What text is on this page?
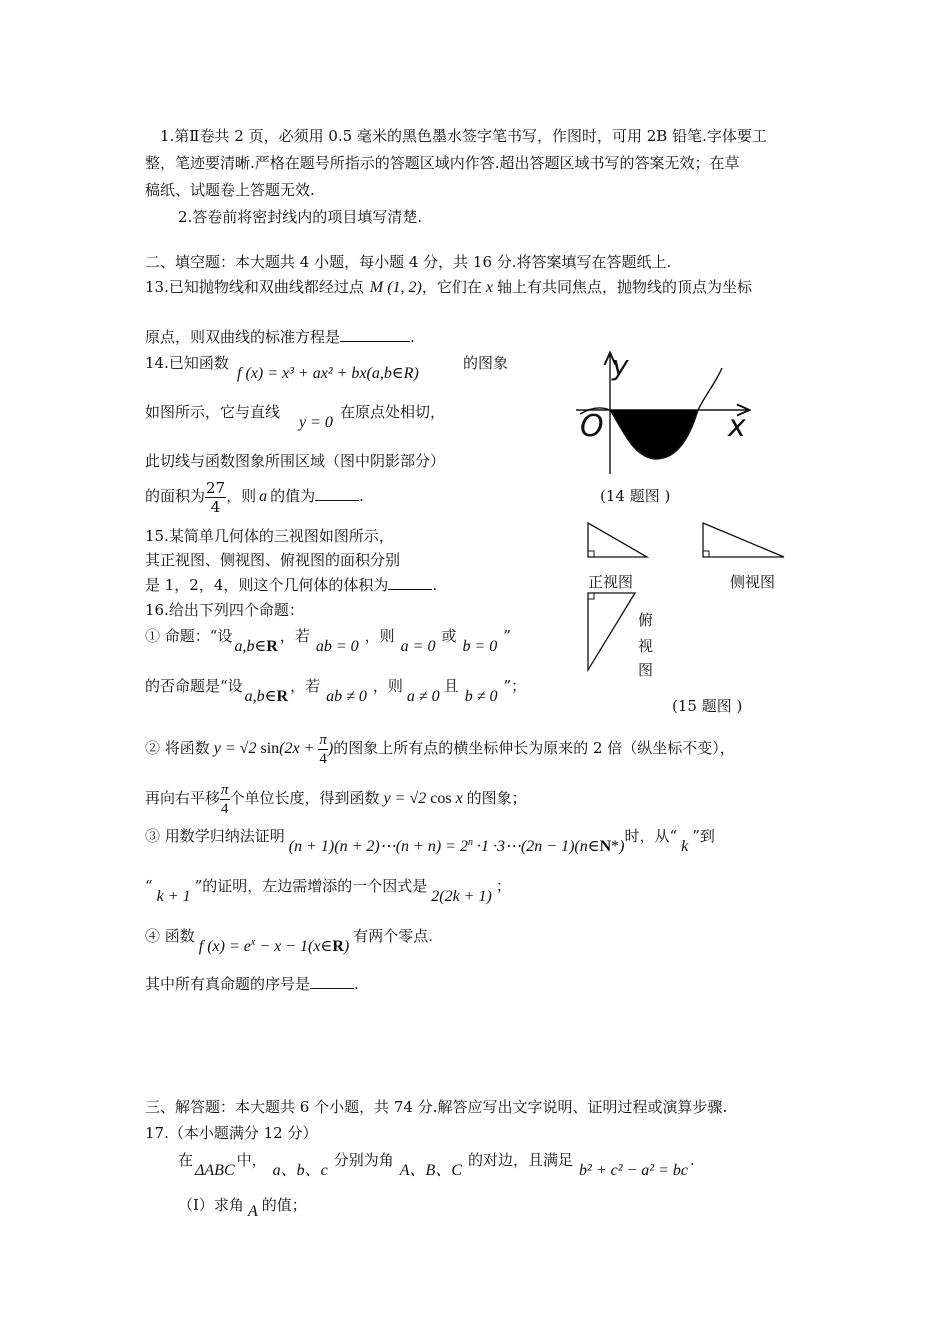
1.第Ⅱ卷共 2 页，必须用 0.5 毫米的黑色墨水签字笔书写，作图时，可用 2B 铅笔.字体要工
整，笔迹要清晰.严格在题号所指示的答题区域内作答.超出答题区域书写的答案无效；在草
稿纸、试题卷上答题无效.
2.答卷前将密封线内的项目填写清楚.
二、填空题：本大题共 4 小题，每小题 4 分，共 16 分.将答案填写在答题纸上.
13.已知抛物线和双曲线都经过点 M (1, 2)，它们在 x 轴上有共同焦点，抛物线的顶点为坐标
原点，则双曲线的标准方程是	.
14.已知函数
f (x) = x³ + ax² + bx(a,b∈R)
的图象
如图所示，它与直线
y = 0
在原点处相切，
此切线与函数图象所围区域（图中阴影部分）
的面积为 $\frac{27}{4}$ ，则 a 的值为	.
y
x
O
(14 题图 )
15.某简单几何体的三视图如图所示，
其正视图、侧视图、俯视图的面积分别
是 1，2，4，则这个几何体的体积为	.	正视图	侧视图
俯
视
图
(15 题图 )
16.给出下列四个命题：
① 命题：“设a,b∈R，若ab = 0，则a = 0或b = 0”
的否命题是“设a,b∈R，若ab ≠ 0，则a ≠ 0且b ≠ 0”；
② 将函数 y = √2 $\sin(2x + \frac{\pi}{4}$ )的图象上所有点的横坐标伸长为原来的 2 倍（纵坐标不变），
再向右平移 $\frac{\pi}{4}$ 个单位长度，得到函数 y = √2 cos x 的图象；
③ 用数学归纳法证明(n + 1)(n + 2)⋯(n + $n) = 2^n \cdot 1$ ·3⋯(2n − 1)(n∈N*)时，从“k”到
“k + 1”的证明，左边需增添的一个因式是2(2k + 1)；
④ 函数f $(x) = e^x - x$ − 1(x∈R)有两个零点.
其中所有真命题的序号是	.
三、解答题：本大题共 6 个小题，共 74 分.解答应写出文字说明、证明过程或演算步骤.
17.（本小题满分 12 分）
在ΔABC中，a、b、c分别为角A、B、C的对边，且满足b² + c² − a² = bc.
（Ⅰ）求角 A 的值；
